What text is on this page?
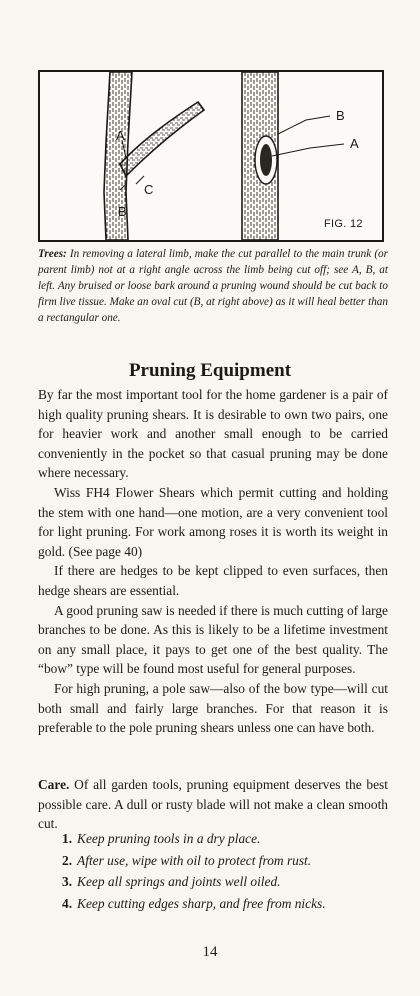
A
B
C
B
A
FIG. 12
Trees: In removing a lateral limb, make the cut parallel to the main trunk (or parent limb) not at a right angle across the limb being cut off; see A, B, at left. Any bruised or loose bark around a pruning wound should be cut back to firm live tissue. Make an oval cut (B, at right above) as it will heal better than a rectangular one.
Pruning Equipment

By far the most important tool for the home gardener is a pair of high quality pruning shears. It is desirable to own two pairs, one for heavier work and another small enough to be carried conveniently in the pocket so that casual pruning may be done where necessary.

Wiss FH4 Flower Shears which permit cutting and holding the stem with one hand—one motion, are a very convenient tool for light pruning. For work among roses it is worth its weight in gold. (See page 40)

If there are hedges to be kept clipped to even surfaces, then hedge shears are essential.

A good pruning saw is needed if there is much cutting of large branches to be done. As this is likely to be a lifetime investment on any small place, it pays to get one of the best quality. The “bow” type will be found most useful for general purposes.

For high pruning, a pole saw—also of the bow type—will cut both small and fairly large branches. For that reason it is preferable to the pole pruning shears unless one can have both.

Care. Of all garden tools, pruning equipment deserves the best possible care. A dull or rusty blade will not make a clean smooth cut.

1. Keep pruning tools in a dry place.
2. After use, wipe with oil to protect from rust.
3. Keep all springs and joints well oiled.
4. Keep cutting edges sharp, and free from nicks.
14
